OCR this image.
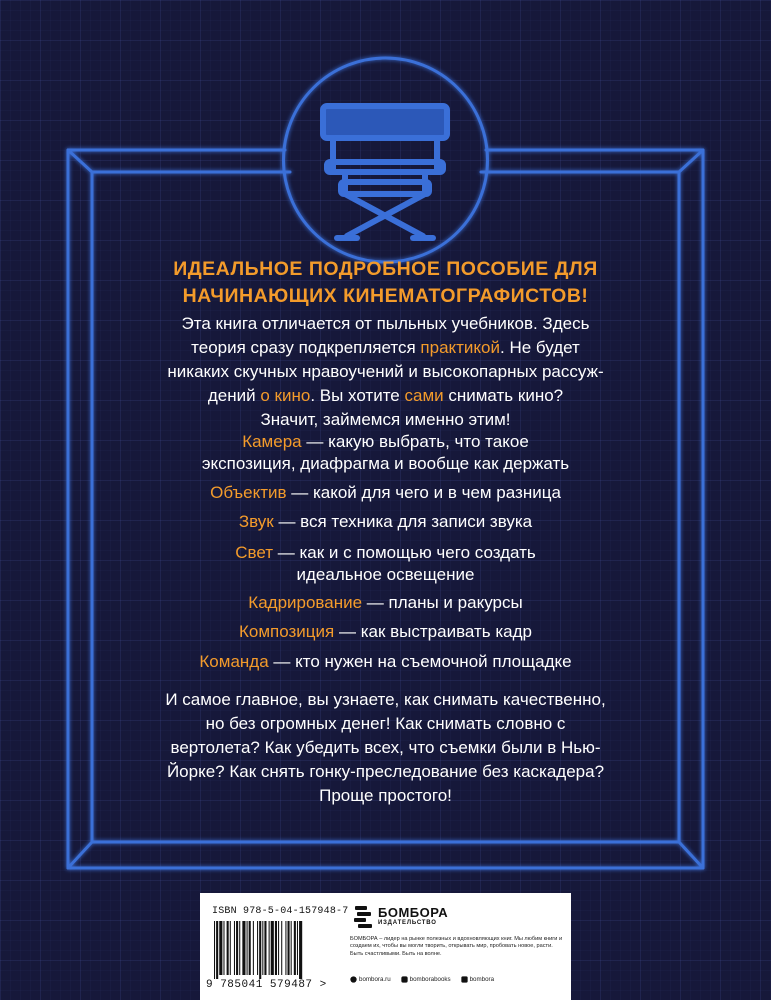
ИДЕАЛЬНОЕ ПОДРОБНОЕ ПОСОБИЕ ДЛЯ
НАЧИНАЮЩИХ КИНЕМАТОГРАФИСТОВ!
Эта книга отличается от пыльных учебников. Здесь
теория сразу подкрепляется практикой. Не будет
никаких скучных нравоучений и высокопарных рассуж-
дений о кино. Вы хотите сами снимать кино?
Значит, займемся именно этим!
Камера — какую выбрать, что такое
экспозиция, диафрагма и вообще как держать
Объектив — какой для чего и в чем разница
Звук — вся техника для записи звука
Свет — как и с помощью чего создать
идеальное освещение
Кадрирование — планы и ракурсы
Композиция — как выстраивать кадр
Команда — кто нужен на съемочной площадке
И самое главное, вы узнаете, как снимать качественно,
но без огромных денег! Как снимать словно с
вертолета? Как убедить всех, что съемки были в Нью-
Йорке? Как снять гонку-преследование без каскадера?
Проще простого!
ISBN 978-5-04-157948-7
9 785041 579487 >
БОМБОРА
ИЗДАТЕЛЬСТВО
БОМБОРА – лидер на рынке полезных и вдохновляющих книг. Мы любим книги и создаем их, чтобы вы могли творить, открывать мир, пробовать новое, расти. Быть счастливыми. Быть на волне.
bombora.ru	bomborabooks	bombora
